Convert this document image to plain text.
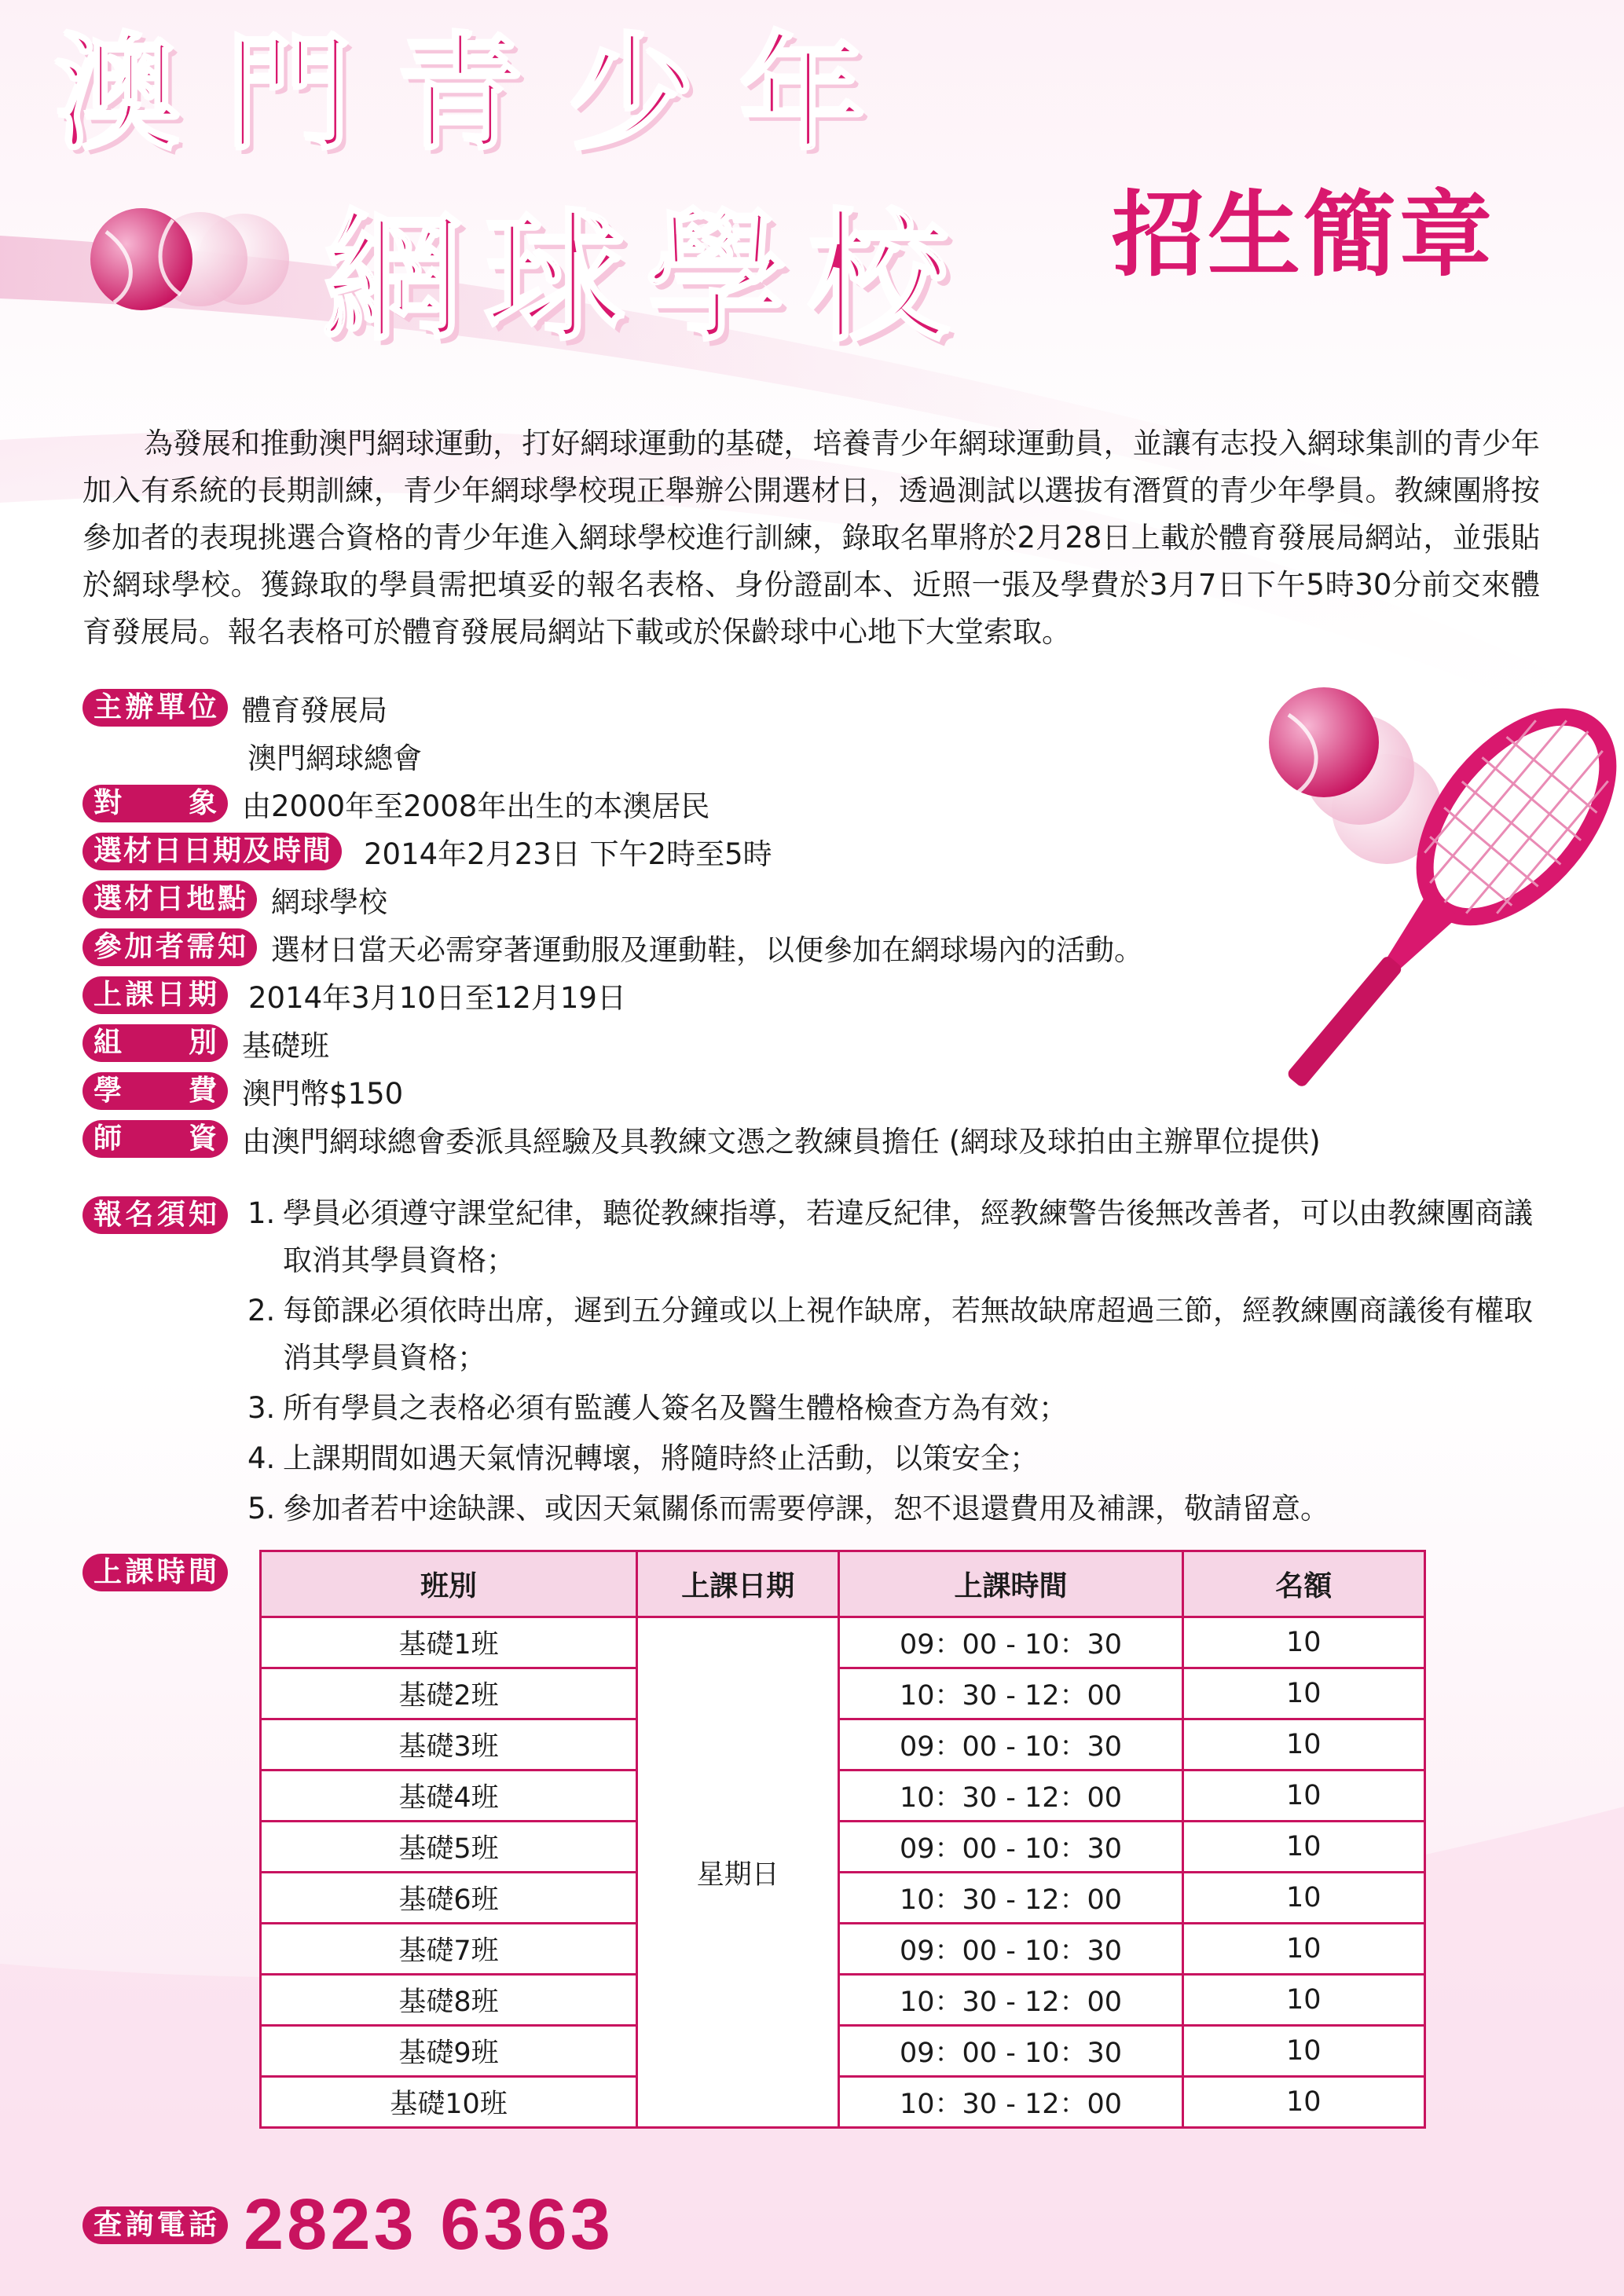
澳門青少年
網球學校 招生簡章
為發展和推動澳門網球運動，打好網球運動的基礎，培養青少年網球運動員，並讓有志投入網球集訓的青少年加入有系統的長期訓練，青少年網球學校現正舉辦公開選材日，透過測試以選拔有潛質的青少年學員。教練團將按參加者的表現挑選合資格的青少年進入網球學校進行訓練，錄取名單將於2月28日上載於體育發展局網站，並張貼於網球學校。獲錄取的學員需把填妥的報名表格、身份證副本、近照一張及學費於3月7日下午5時30分前交來體育發展局。報名表格可於體育發展局網站下載或於保齡球中心地下大堂索取。
主辦單位 體育發展局
澳門網球總會
對　　象 由2000年至2008年出生的本澳居民
選材日日期及時間	2014年2月23日 下午2時至5時
選材日地點 網球學校
參加者需知 選材日當天必需穿著運動服及運動鞋，以便參加在網球場內的活動。
上課日期	2014年3月10日至12月19日
組　　別 基礎班
學　　費 澳門幣$150
師　　資 由澳門網球總會委派具經驗及具教練文憑之教練員擔任 (網球及球拍由主辦單位提供)
報名須知	1. 學員必須遵守課堂紀律，聽從教練指導，若違反紀律，經教練警告後無改善者，可以由教練團商議取消其學員資格；
2. 每節課必須依時出席，遲到五分鐘或以上視作缺席，若無故缺席超過三節，經教練團商議後有權取消其學員資格；
3. 所有學員之表格必須有監護人簽名及醫生體格檢查方為有效；
4. 上課期間如遇天氣情況轉壞，將隨時終止活動，以策安全；
5. 參加者若中途缺課、或因天氣關係而需要停課，恕不退還費用及補課，敬請留意。
上課時間	班別	上課日期	上課時間	名額
基礎1班	星期日	09：00 - 10：30	10
基礎2班		10：30 - 12：00	10
基礎3班		09：00 - 10：30	10
基礎4班		10：30 - 12：00	10
基礎5班		09：00 - 10：30	10
基礎6班		10：30 - 12：00	10
基礎7班		09：00 - 10：30	10
基礎8班		10：30 - 12：00	10
基礎9班		09：00 - 10：30	10
基礎10班		10：30 - 12：00	10
查詢電話 2823 6363
